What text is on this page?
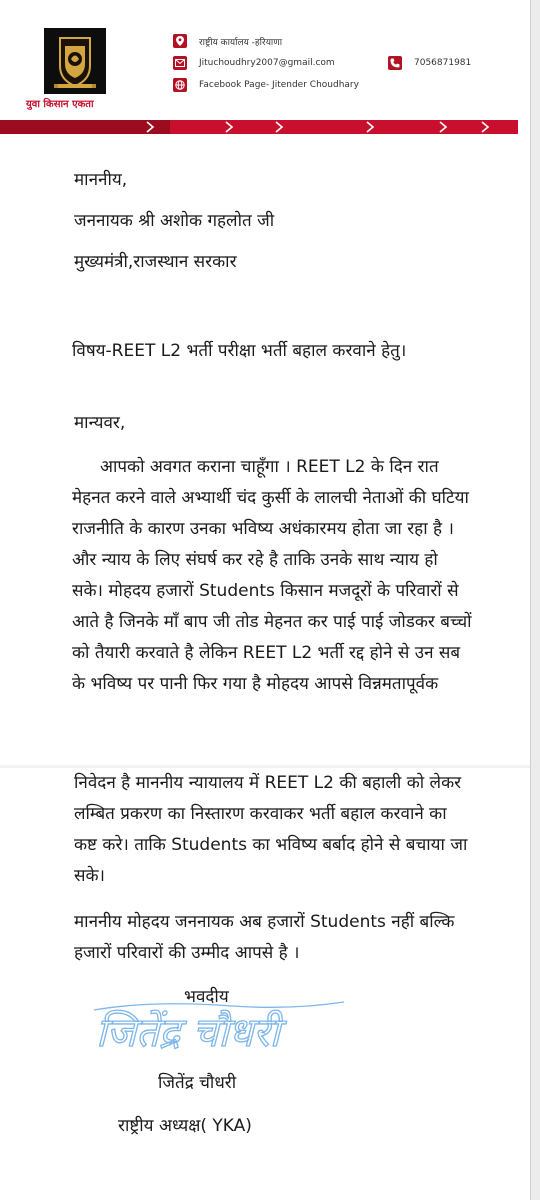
युवा किसान एकता
राष्ट्रीय कार्यालय -हरियाणा
Jituchoudhry2007@gmail.com
Facebook Page- Jitender Choudhary
7056871981
माननीय,
जननायक श्री अशोक गहलोत जी
मुख्यमंत्री,राजस्थान सरकार
विषय-REET L2 भर्ती परीक्षा भर्ती बहाल करवाने हेतु।
मान्यवर,
आपको अवगत कराना चाहूँगा । REET L2 के दिन रात मेहनत करने वाले अभ्यार्थी चंद कुर्सी के लालची नेताओं की घटिया राजनीति के कारण उनका भविष्य अधंकारमय होता जा रहा है । और न्याय के लिए संघर्ष कर रहे है ताकि उनके साथ न्याय हो सके। मोहदय हजारों Students किसान मजदूरों के परिवारों से आते है जिनके माँ बाप जी तोड मेहनत कर पाई पाई जोडकर बच्चों को तैयारी करवाते है लेकिन REET L2 भर्ती रद्द होने से उन सब के भविष्य पर पानी फिर गया है मोहदय आपसे विन्नमतापूर्वक
निवेदन है माननीय न्यायालय में REET L2 की बहाली को लेकर लम्बित प्रकरण का निस्तारण करवाकर भर्ती बहाल करवाने का कष्ट करे। ताकि Students का भविष्य बर्बाद होने से बचाया जा सके।
माननीय मोहदय जननायक अब हजारों Students नहीं बल्कि हजारों परिवारों की उम्मीद आपसे है ।
भवदीय
जितेंद्र चौधरी
जितेंद्र चौधरी
राष्ट्रीय अध्यक्ष( YKA)
